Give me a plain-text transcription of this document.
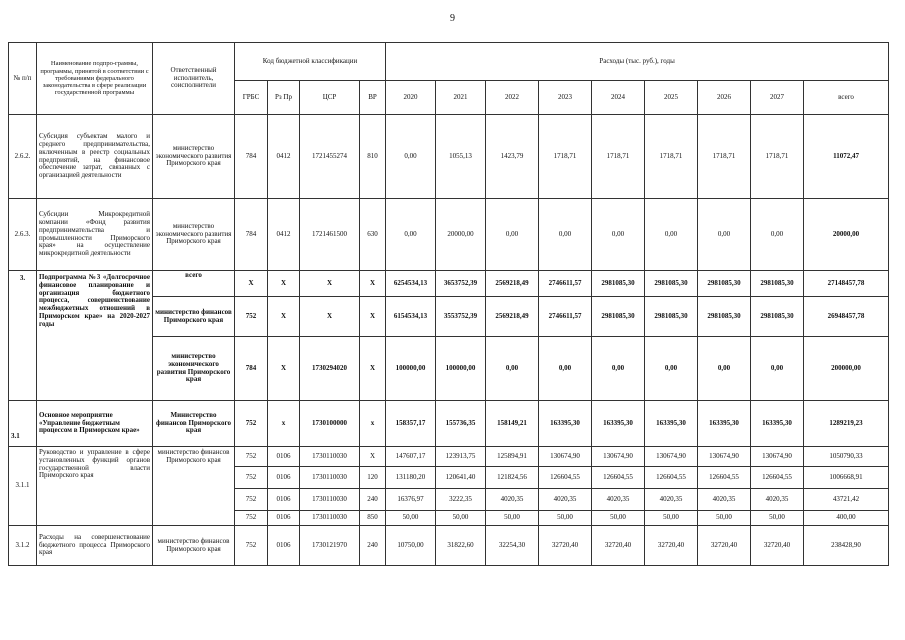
9
№ п/п	Наименование подпро-граммы, программы, принятой в соответствии с требованиями федерального законодательства в сфере реализации государственной программы	Ответственный исполнитель, соисполнители	Код бюджетной классификации				Расходы (тыс. руб.), годы								
			ГРБС	Рз Пр	ЦСР	ВР	2020	2021	2022	2023	2024	2025	2026	2027	всего
2.6.2.	Субсидия субъектам малого и среднего предпринимательства, включенным в реестр социальных предприятий, на финансовое обеспечение затрат, связанных с организацией деятельности	министерство экономического развития Приморского края	784	0412	1721455274	810	0,00	1055,13	1423,79	1718,71	1718,71	1718,71	1718,71	1718,71	11072,47
2.6.3.	Субсидии Микрокредитной компании «Фонд развития предпринимательства и промышленности Приморского края» на осуществление микрокредитной деятельности	министерство экономического развития Приморского края	784	0412	1721461500	630	0,00	20000,00	0,00	0,00	0,00	0,00	0,00	0,00	20000,00
3.	Подпрограмма №3 «Долгосрочное финансовое планирование и организация бюджетного процесса, совершенствование межбюджетных отношений в Приморском крае» на 2020-2027 годы	всего	X	X	X	X	6254534,13	3653752,39	2569218,49	2746611,57	2981085,30	2981085,30	2981085,30	2981085,30	27148457,78
		министерство финансов Приморского края	752	X	X	X	6154534,13	3553752,39	2569218,49	2746611,57	2981085,30	2981085,30	2981085,30	2981085,30	26948457,78
		министерство экономического развития Приморского края	784	X	1730294020	X	100000,00	100000,00	0,00	0,00	0,00	0,00	0,00	0,00	200000,00
3.1	Основное мероприятие «Управление бюджетным процессом в Приморском крае»	Министерство финансов Приморского края	752	x	1730100000	x	158357,17	155736,35	158149,21	163395,30	163395,30	163395,30	163395,30	163395,30	1289219,23
3.1.1	Руководство и управление в сфере установленных функций органов государственной власти Приморского края	министерство финансов Приморского края	752	0106	1730110030	X	147607,17	123913,75	125894,91	130674,90	130674,90	130674,90	130674,90	130674,90	1050790,33
			752	0106	1730110030	120	131180,20	120641,40	121824,56	126604,55	126604,55	126604,55	126604,55	126604,55	1006668,91
			752	0106	1730110030	240	16376,97	3222,35	4020,35	4020,35	4020,35	4020,35	4020,35	4020,35	43721,42
			752	0106	1730110030	850	50,00	50,00	50,00	50,00	50,00	50,00	50,00	50,00	400,00
3.1.2	Расходы на совершенствование бюджетного процесса Приморского края	министерство финансов Приморского края	752	0106	1730121970	240	10750,00	31822,60	32254,30	32720,40	32720,40	32720,40	32720,40	32720,40	238428,90
